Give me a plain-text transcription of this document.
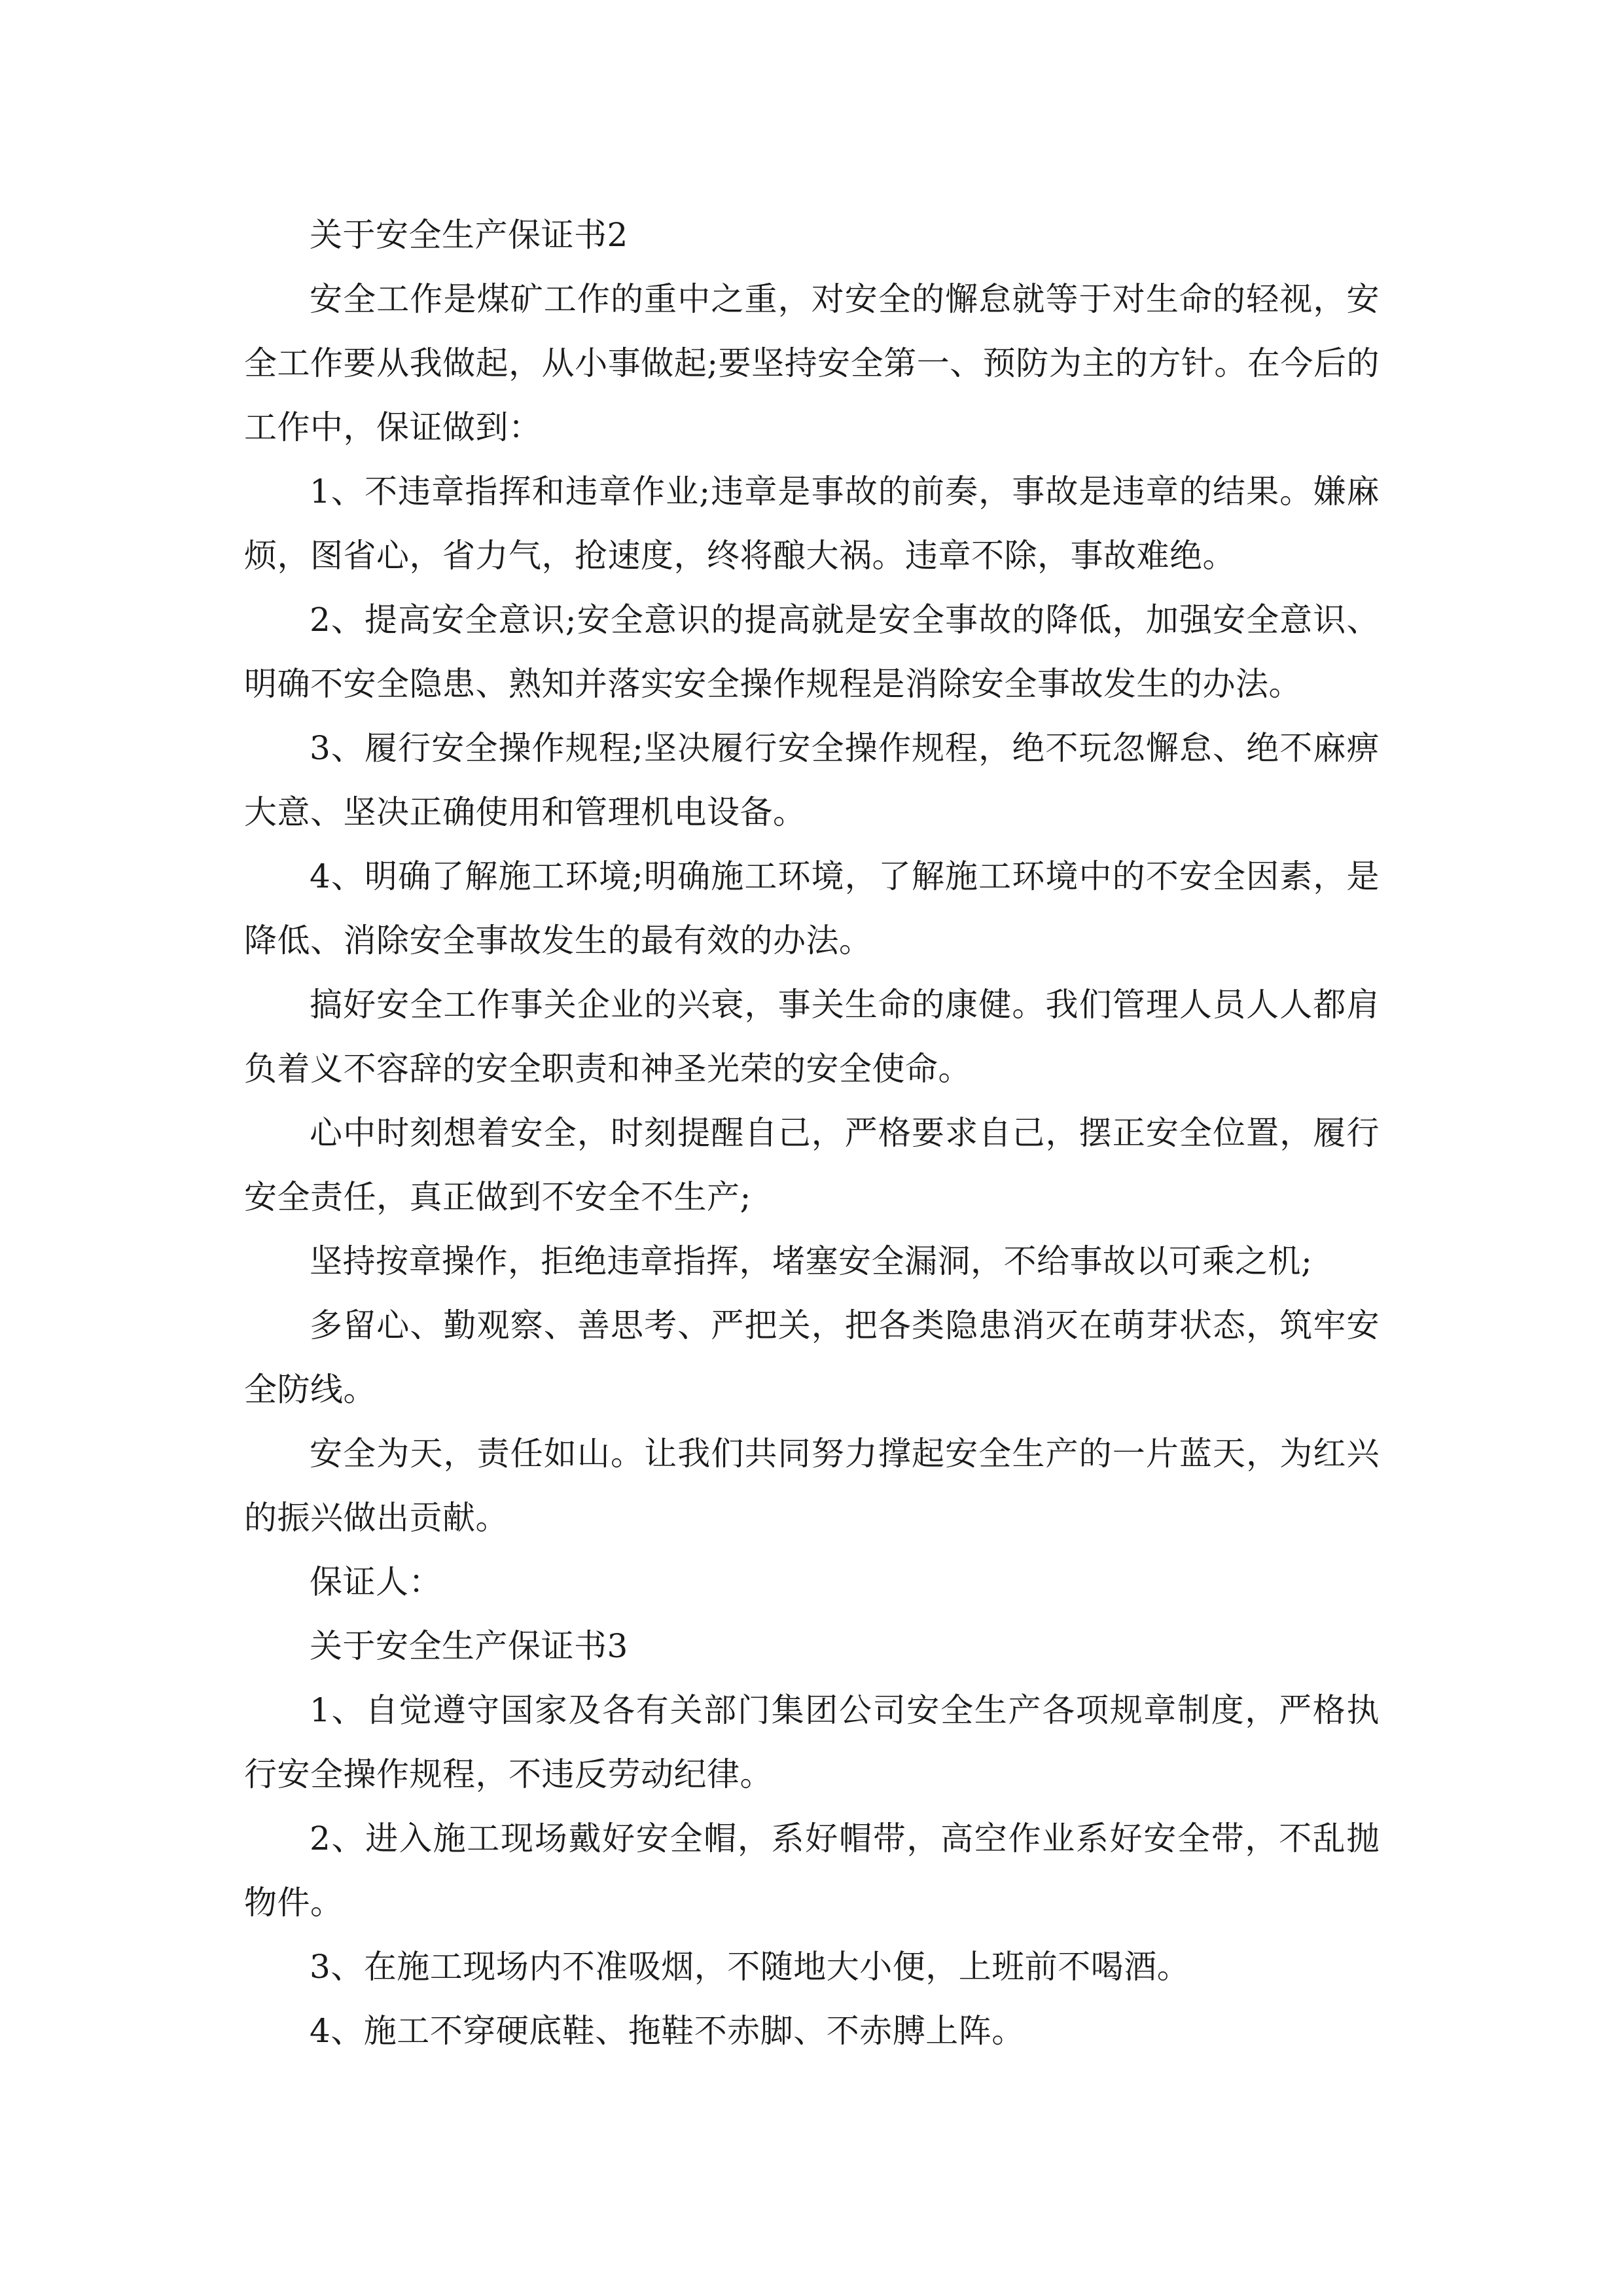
关于安全生产保证书2

安全工作是煤矿工作的重中之重，对安全的懈怠就等于对生命的轻视，安全工作要从我做起，从小事做起;要坚持安全第一、预防为主的方针。在今后的工作中，保证做到：

1、不违章指挥和违章作业;违章是事故的前奏，事故是违章的结果。嫌麻烦，图省心，省力气，抢速度，终将酿大祸。违章不除，事故难绝。

2、提高安全意识;安全意识的提高就是安全事故的降低，加强安全意识、明确不安全隐患、熟知并落实安全操作规程是消除安全事故发生的办法。

3、履行安全操作规程;坚决履行安全操作规程，绝不玩忽懈怠、绝不麻痹大意、坚决正确使用和管理机电设备。

4、明确了解施工环境;明确施工环境，了解施工环境中的不安全因素，是降低、消除安全事故发生的最有效的办法。

搞好安全工作事关企业的兴衰，事关生命的康健。我们管理人员人人都肩负着义不容辞的安全职责和神圣光荣的安全使命。

心中时刻想着安全，时刻提醒自己，严格要求自己，摆正安全位置，履行安全责任，真正做到不安全不生产;

坚持按章操作，拒绝违章指挥，堵塞安全漏洞，不给事故以可乘之机;

多留心、勤观察、善思考、严把关，把各类隐患消灭在萌芽状态，筑牢安全防线。

安全为天，责任如山。让我们共同努力撑起安全生产的一片蓝天，为红兴的振兴做出贡献。

保证人：

关于安全生产保证书3

1、自觉遵守国家及各有关部门集团公司安全生产各项规章制度，严格执行安全操作规程，不违反劳动纪律。

2、进入施工现场戴好安全帽，系好帽带，高空作业系好安全带，不乱抛物件。

3、在施工现场内不准吸烟，不随地大小便，上班前不喝酒。

4、施工不穿硬底鞋、拖鞋不赤脚、不赤膊上阵。
